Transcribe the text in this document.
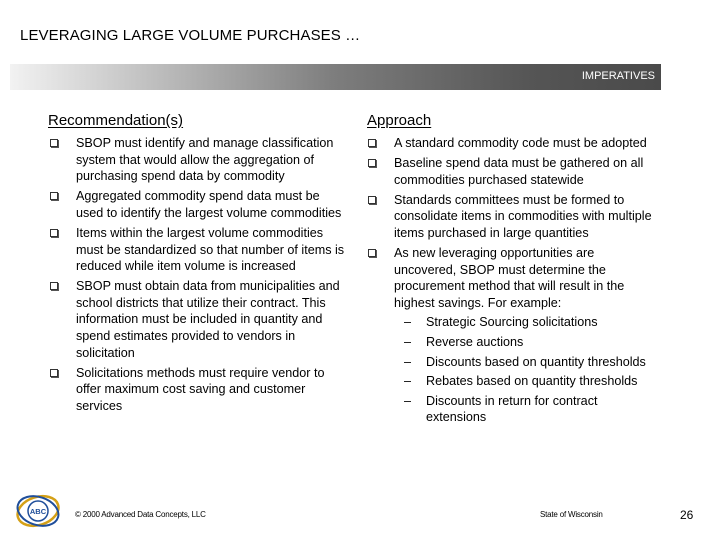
LEVERAGING LARGE VOLUME PURCHASES …
IMPERATIVES
Recommendation(s)	Approach
SBOP must identify and manage classification system that would allow the aggregation of purchasing spend data by commodity
Aggregated commodity spend data must be used to identify the largest volume commodities
Items within the largest volume commodities must be standardized so that number of items is reduced while item volume is increased
SBOP must obtain data from municipalities and school districts that utilize their contract. This information must be included in quantity and spend estimates provided to vendors in solicitation
Solicitations methods must require vendor to offer maximum cost saving and customer services
A standard commodity code must be adopted
Baseline spend data must be gathered on all commodities purchased statewide
Standards committees must be formed to consolidate items in commodities with multiple items purchased in large quantities
As new leveraging opportunities are uncovered, SBOP must determine the
procurement method that will result in the highest savings. For example:
– Strategic Sourcing solicitations
– Reverse auctions
– Discounts based on quantity thresholds
– Rebates based on quantity thresholds
– Discounts in return for contract extensions
ABC	© 2000 Advanced Data Concepts, LLC	State of Wisconsin	26
